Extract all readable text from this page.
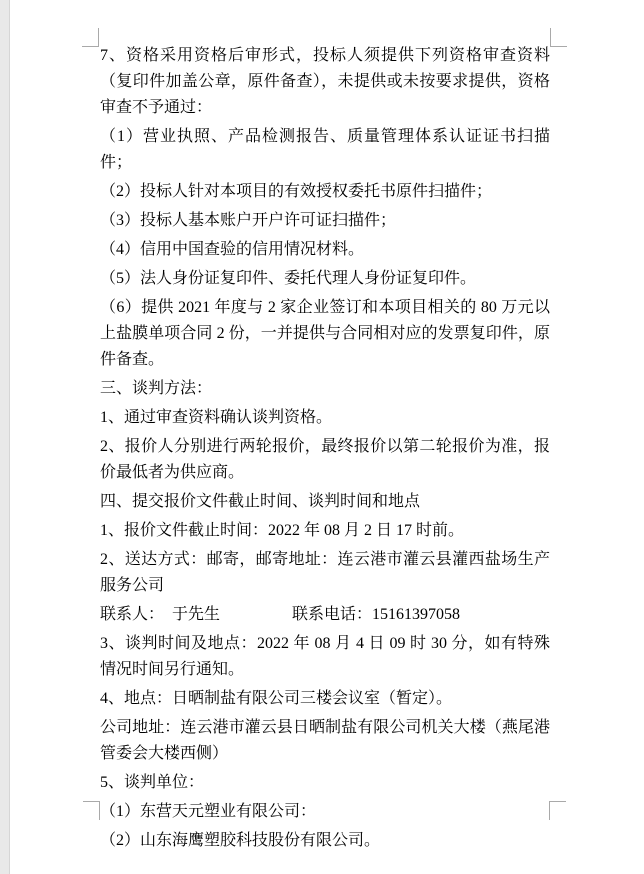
7、资格采用资格后审形式，投标人须提供下列资格审查资料（复印件加盖公章，原件备查），未提供或未按要求提供，资格审查不予通过：
（1）营业执照、产品检测报告、质量管理体系认证证书扫描件；
（2）投标人针对本项目的有效授权委托书原件扫描件；
（3）投标人基本账户开户许可证扫描件；
（4）信用中国查验的信用情况材料。
（5）法人身份证复印件、委托代理人身份证复印件。
（6）提供 2021 年度与 2 家企业签订和本项目相关的 80 万元以上盐膜单项合同 2 份，一并提供与合同相对应的发票复印件，原件备查。
三、谈判方法：
1、通过审查资料确认谈判资格。
2、报价人分别进行两轮报价，最终报价以第二轮报价为准，报价最低者为供应商。
四、提交报价文件截止时间、谈判时间和地点
1、报价文件截止时间：2022 年 08 月 2 日 17 时前。
2、送达方式：邮寄，邮寄地址：连云港市灌云县灌西盐场生产服务公司
联系人：  于先生                  联系电话：15161397058
3、谈判时间及地点：2022 年 08 月 4 日 09 时 30 分，如有特殊情况时间另行通知。
4、地点：日晒制盐有限公司三楼会议室（暂定）。
公司地址：连云港市灌云县日晒制盐有限公司机关大楼（燕尾港管委会大楼西侧）
5、谈判单位：
（1）东营天元塑业有限公司：
（2）山东海鹰塑胶科技股份有限公司。
